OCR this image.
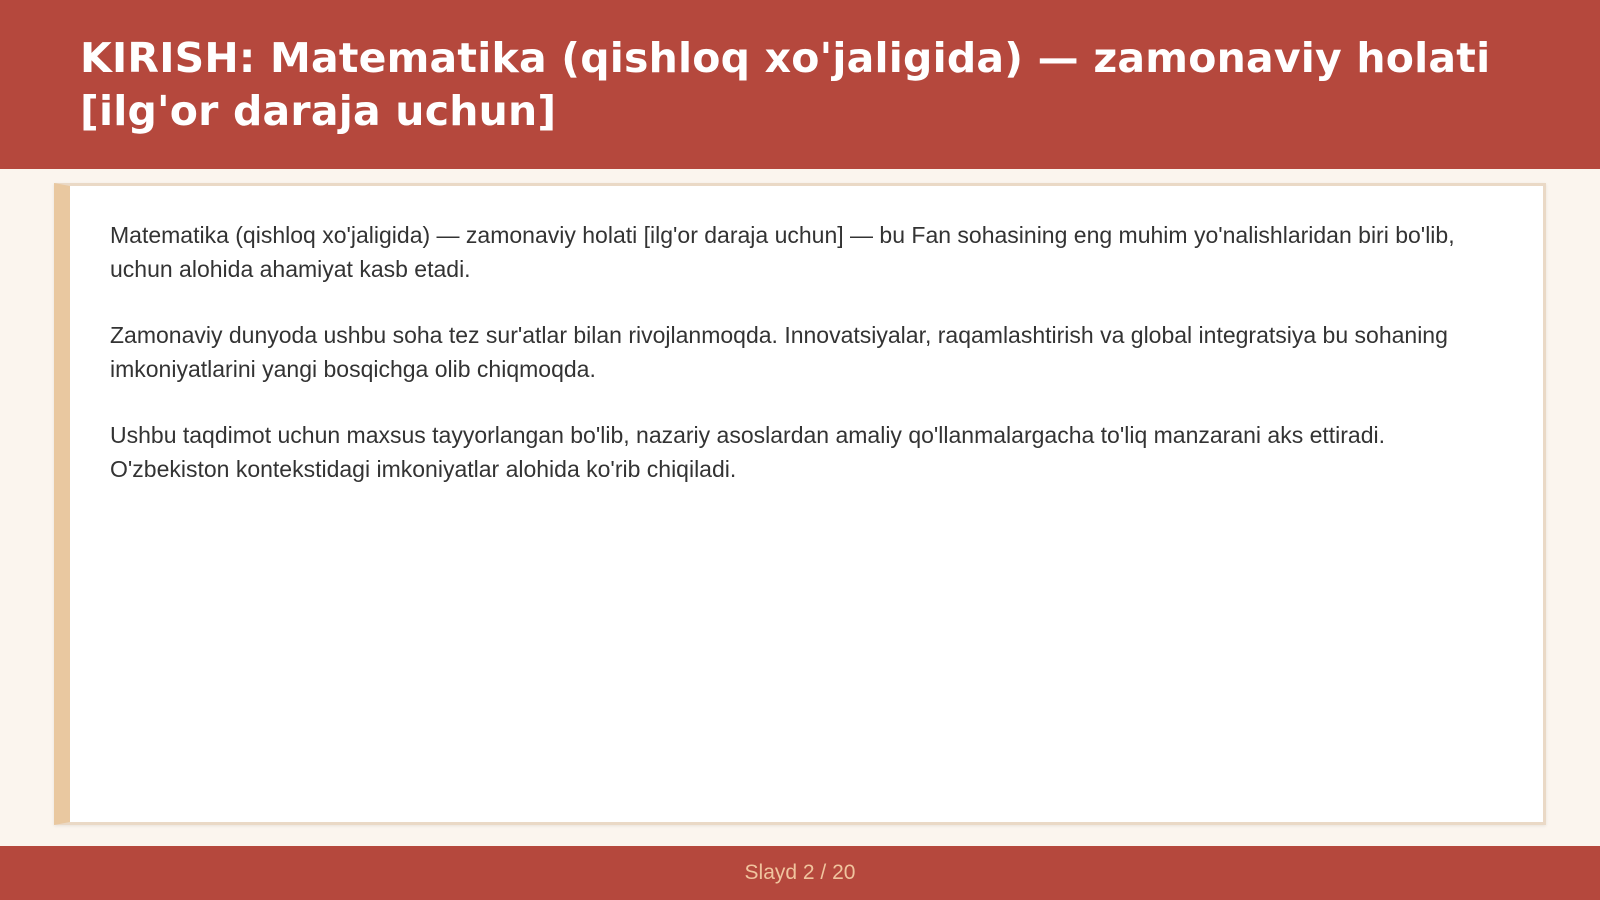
KIRISH: Matematika (qishloq xo'jaligida) — zamonaviy holati [ilg'or daraja uchun]

Matematika (qishloq xo'jaligida) — zamonaviy holati [ilg'or daraja uchun] — bu Fan sohasining eng muhim yo'nalishlaridan biri bo'lib, uchun alohida ahamiyat kasb etadi.

Zamonaviy dunyoda ushbu soha tez sur'atlar bilan rivojlanmoqda. Innovatsiyalar, raqamlashtirish va global integratsiya bu sohaning imkoniyatlarini yangi bosqichga olib chiqmoqda.

Ushbu taqdimot uchun maxsus tayyorlangan bo'lib, nazariy asoslardan amaliy qo'llanmalargacha to'liq manzarani aks ettiradi. O'zbekiston kontekstidagi imkoniyatlar alohida ko'rib chiqiladi.

Slayd 2 / 20
